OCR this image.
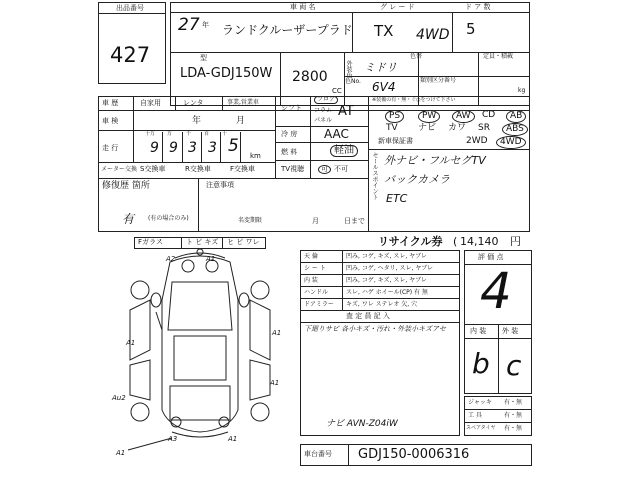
出品番号
427
車 両 名	グ レ ー ド	ド ア 数
27 年 ランドクルーザープラド TX 4WD 5
LDA-GDJ150W
型
2800
CC
外装色
色替
ミドリ
色No. 6V4	類別区分番号
定員・積載
kg
車 歴	自家用	レンタ	事業,営業車
車 検	年	月
走 行
十万 万	千	百	十
9 9 3 3 5 km
メーター交換 S交換車	R交換車	F交換車
修復歴 箇所	注意事項
有 (有の場合のみ)	名変期限	月	日まで
シフト
フロア
コラム
パネル
AT
冷 房 AAC
燃 料	軽油
TV視聴	可 不可
※装備の有・無・ぐ○をつけて下さい
PS	PW	AW	CD	AB
TV ナビ カワ SR	ABS
新車保証書	2WD	4WD
セールスポイント 外ナビ・フルセグTV
バックカメラ
ETC
Fガラス	ト ビ キズ ヒ ビ ワレ
A2	A1
A1
A1
A1
Au2
A1
A3	A1
リサイクル券 ( 14,140 円
天 倫	凹み, コゲ, キズ, スレ, ヤブレ
シ ー ト	凹み, コゲ, ヘタリ, スレ, ヤブレ
内 装	凹み, コゲ, キズ, スレ, ヤブレ
ハンドル	スレ, ハゲ ホイール(CP) 有 無
ドアミラー キズ, ワレ ステレオ 欠, 穴
査 定 員 記 入
下廻りサビ 各小キズ・汚れ・外装小キズアセ
ナビ AVN-Z04iW
評 価 点
4
内 装 外 装
b c
ジャッキ 有・無
工 具	有・無
スペアタイヤ 有・無
車台番号 GDJ150-0006316
